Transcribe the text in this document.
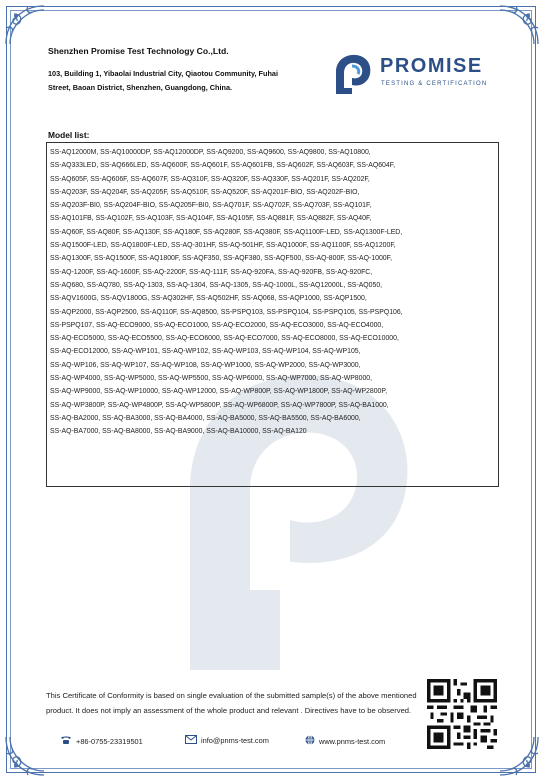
Shenzhen Promise Test Technology Co.,Ltd.
103, Building 1, Yibaolai Industrial City, Qiaotou Community, Fuhai
Street, Baoan District, Shenzhen, Guangdong, China.
PROMISE
TESTING & CERTIFICATION
Model list:
SS-AQ12000M, SS-AQ10000DP, SS-AQ12000DP, SS-AQ9200, SS-AQ9600, SS-AQ9800, SS-AQ10800,
SS-AQ333LED, SS-AQ666LED, SS-AQ600F, SS-AQ601F, SS-AQ601FB, SS-AQ602F, SS-AQ603F, SS-AQ604F,
SS-AQ605F, SS-AQ606F, SS-AQ607F, SS-AQ310F, SS-AQ320F, SS-AQ330F, SS-AQ201F, SS-AQ202F,
SS-AQ203F, SS-AQ204F, SS-AQ205F, SS-AQ510F, SS-AQ520F, SS-AQ201F-BIO, SS-AQ202F-BIO,
SS-AQ203F-BI0, SS-AQ204F-BIO, SS-AQ205F-BI0, SS-AQ701F, SS-AQ702F, SS-AQ703F, SS-AQ101F,
SS-AQ101FB, SS-AQ102F, SS-AQ103F, SS-AQ104F, SS-AQ105F, SS-AQ881F, SS-AQ882F, SS-AQ40F,
SS-AQ60F, SS-AQ80F, SS-AQ130F, SS-AQ180F, SS-AQ280F, SS-AQ380F, SS-AQ1100F-LED, SS-AQ1300F-LED,
SS-AQ1500F-LED, SS-AQ1800F-LED, SS-AQ-301HF, SS-AQ-501HF, SS-AQ1000F, SS-AQ1100F, SS-AQ1200F,
SS-AQ1300F, SS-AQ1500F, SS-AQ1800F, SS-AQF350, SS-AQF380, SS-AQF500, SS-AQ-800F, SS-AQ-1000F,
SS-AQ-1200F, SS-AQ-1600F, SS-AQ-2200F, SS-AQ-111F, SS-AQ-920FA, SS-AQ-920FB, SS-AQ-920FC,
SS-AQ680, SS-AQ780, SS-AQ-1303, SS-AQ-1304, SS-AQ-1305, SS-AQ-1000L, SS-AQ12000L, SS-AQ050,
SS-AQV1600G, SS-AQV1800G, SS-AQ302HF, SS-AQ502HF, SS-AQ068, SS-AQP1000, SS-AQP1500,
SS-AQP2000, SS-AQP2500, SS-AQ110F, SS-AQ8500, SS-PSPQ103, SS-PSPQ104, SS-PSPQ105, SS-PSPQ106,
SS-PSPQ107, SS-AQ-ECO9000, SS-AQ-ECO1000, SS-AQ-ECO2000, SS-AQ-ECO3000, SS-AQ-ECO4000,
SS-AQ-ECO5000, SS-AQ-ECO5500, SS-AQ-ECO6000, SS-AQ-ECO7000, SS-AQ-ECO8000, SS-AQ-ECO10000,
SS-AQ-ECO12000, SS-AQ-WP101, SS-AQ-WP102, SS-AQ-WP103, SS-AQ-WP104, SS-AQ-WP105,
SS-AQ-WP106, SS-AQ-WP107, SS-AQ-WP108, SS-AQ-WP1000, SS-AQ-WP2000, SS-AQ-WP3000,
SS-AQ-WP4000, SS-AQ-WP5000, SS-AQ-WP5500, SS-AQ-WP6000, SS-AQ-WP7000, SS-AQ-WP8000,
SS-AQ-WP9000, SS-AQ-WP10000, SS-AQ-WP12000, SS-AQ-WP800P, SS-AQ-WP1800P, SS-AQ-WP2800P,
SS-AQ-WP3800P, SS-AQ-WP4800P, SS-AQ-WP5800P, SS-AQ-WP6800P, SS-AQ-WP7800P, SS-AQ-BA1000,
SS-AQ-BA2000, SS-AQ-BA3000, SS-AQ-BA4000, SS-AQ-BA5000, SS-AQ-BA5500, SS-AQ-BA6000,
SS-AQ-BA7000, SS-AQ-BA8000, SS-AQ-BA9000, SS-AQ-BA10000, SS-AQ-BA120
This Certificate of Conformity is based on single evaluation of the submitted sample(s) of the above mentioned product. It does not imply an assessment of the whole product and relevant . Directives have to be observed.
+86-0755-23319501	info@pnms-test.com	www.pnms-test.com
